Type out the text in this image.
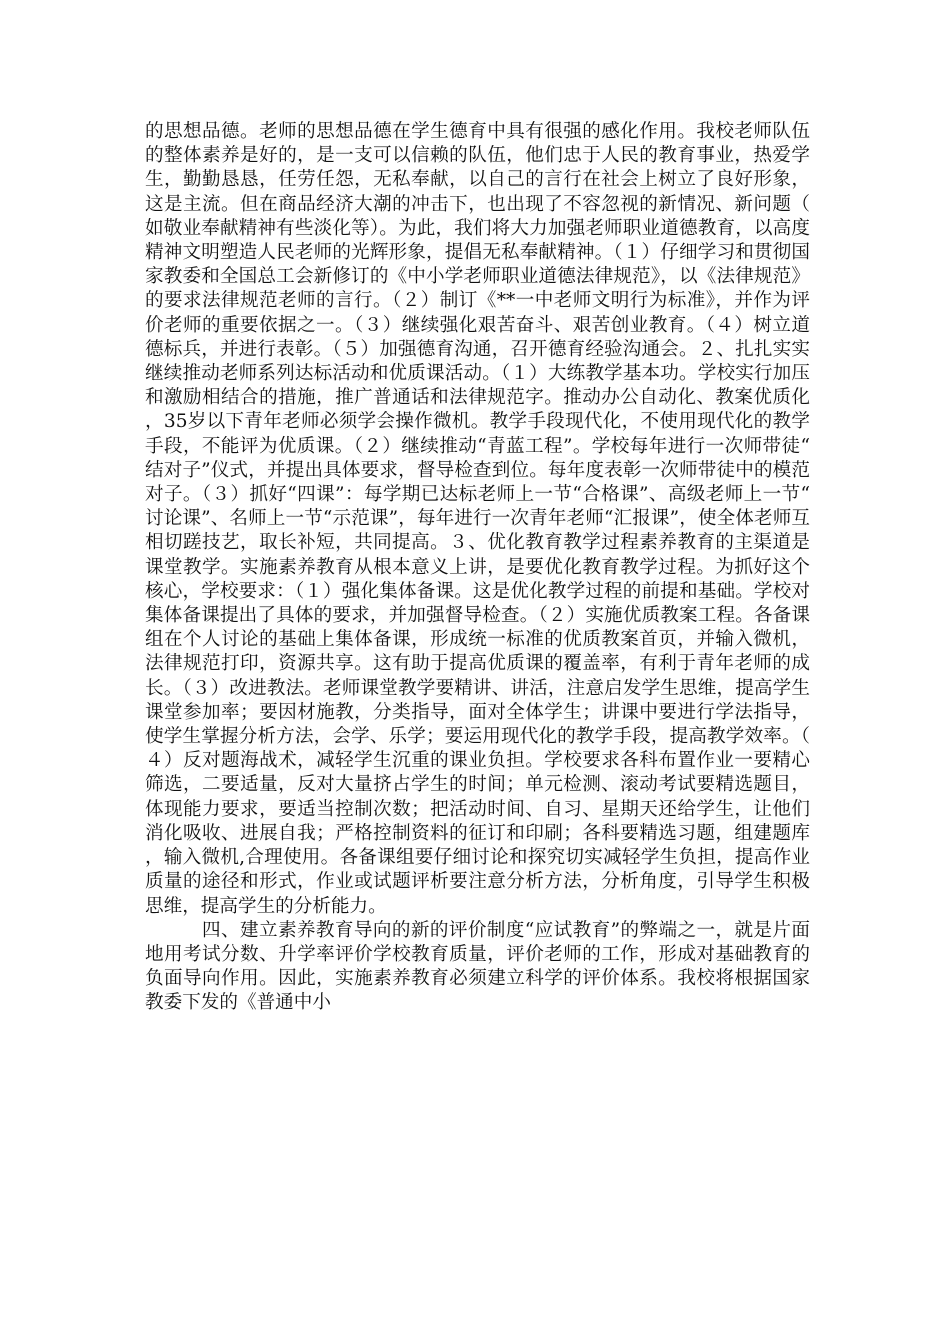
的思想品德。老师的思想品德在学生德育中具有很强的感化作用。我校老师队伍的整体素养是好的，是一支可以信赖的队伍，他们忠于人民的教育事业，热爱学生，勤勤恳恳，任劳任怨，无私奉献，以自己的言行在社会上树立了良好形象，这是主流。但在商品经济大潮的冲击下，也出现了不容忽视的新情况、新问题（如敬业奉献精神有些淡化等）。为此，我们将大力加强老师职业道德教育，以高度精神文明塑造人民老师的光辉形象，提倡无私奉献精神。（１）仔细学习和贯彻国家教委和全国总工会新修订的《中小学老师职业道德法律规范》，以《法律规范》的要求法律规范老师的言行。（２）制订《**一中老师文明行为标准》，并作为评价老师的重要依据之一。（３）继续强化艰苦奋斗、艰苦创业教育。（４）树立道德标兵，并进行表彰。（５）加强德育沟通，召开德育经验沟通会。２、扎扎实实继续推动老师系列达标活动和优质课活动。（１）大练教学基本功。学校实行加压和激励相结合的措施，推广普通话和法律规范字。推动办公自动化、教案优质化，35岁以下青年老师必须学会操作微机。教学手段现代化，不使用现代化的教学手段，不能评为优质课。（２）继续推动“青蓝工程”。学校每年进行一次师带徒“结对子”仪式，并提出具体要求，督导检查到位。每年度表彰一次师带徒中的模范对子。（３）抓好“四课”：每学期已达标老师上一节“合格课”、高级老师上一节“讨论课”、名师上一节“示范课”，每年进行一次青年老师“汇报课”，使全体老师互相切蹉技艺，取长补短，共同提高。３、优化教育教学过程素养教育的主渠道是课堂教学。实施素养教育从根本意义上讲，是要优化教育教学过程。为抓好这个核心，学校要求：（１）强化集体备课。这是优化教学过程的前提和基础。学校对集体备课提出了具体的要求，并加强督导检查。（２）实施优质教案工程。各备课组在个人讨论的基础上集体备课，形成统一标准的优质教案首页，并输入微机，法律规范打印，资源共享。这有助于提高优质课的覆盖率，有利于青年老师的成长。（３）改进教法。老师课堂教学要精讲、讲活，注意启发学生思维，提高学生课堂参加率；要因材施教，分类指导，面对全体学生；讲课中要进行学法指导，使学生掌握分析方法，会学、乐学；要运用现代化的教学手段，提高教学效率。（４）反对题海战术，减轻学生沉重的课业负担。学校要求各科布置作业一要精心筛选，二要适量，反对大量挤占学生的时间；单元检测、滚动考试要精选题目，体现能力要求，要适当控制次数；把活动时间、自习、星期天还给学生，让他们消化吸收、进展自我；严格控制资料的征订和印刷；各科要精选习题，组建题库，输入微机,合理使用。各备课组要仔细讨论和探究切实减轻学生负担，提高作业质量的途径和形式，作业或试题评析要注意分析方法，分析角度，引导学生积极思维，提高学生的分析能力。

四、建立素养教育导向的新的评价制度“应试教育”的弊端之一，就是片面地用考试分数、升学率评价学校教育质量，评价老师的工作，形成对基础教育的负面导向作用。因此，实施素养教育必须建立科学的评价体系。我校将根据国家教委下发的《普通中小
